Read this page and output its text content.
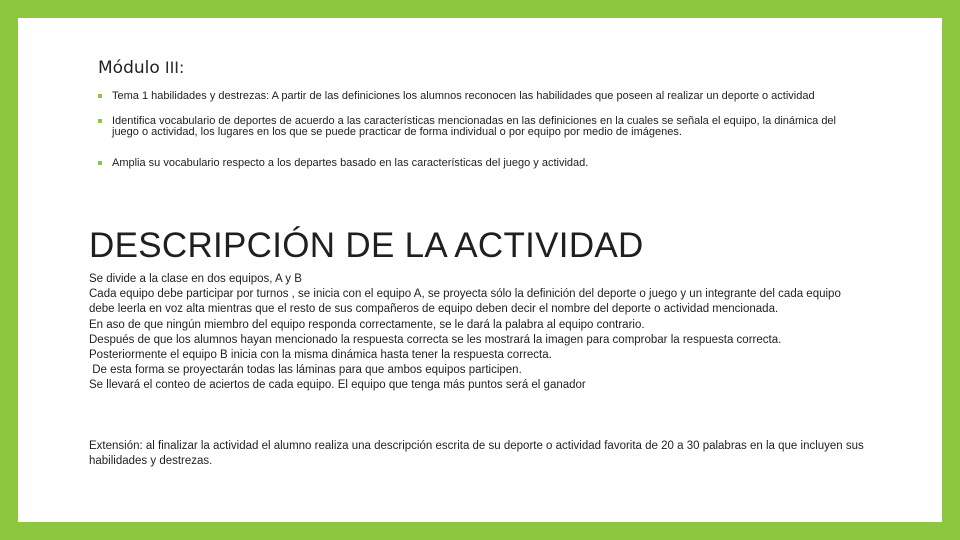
Módulo III:
Tema 1 habilidades y destrezas: A partir de las definiciones los alumnos reconocen las habilidades que poseen al realizar un deporte o actividad
Identifica vocabulario de deportes de acuerdo a las características mencionadas en las definiciones en la cuales se señala el equipo, la dinámica del juego o actividad, los lugares en los que se puede practicar de forma individual o por equipo por medio de imágenes.
Amplia su vocabulario respecto a los departes basado en las características del juego y actividad.
DESCRIPCIÓN DE LA ACTIVIDAD

Se divide a la clase en dos equipos, A y B

Cada equipo debe participar por turnos , se inicia con el equipo A, se proyecta sólo la definición del deporte o juego y un integrante del cada equipo debe leerla en voz alta mientras que el resto de sus compañeros de equipo deben decir el nombre del deporte o actividad mencionada.

En aso de que ningún miembro del equipo responda correctamente, se le dará la palabra al equipo contrario.

Después de que los alumnos hayan mencionado la respuesta correcta se les mostrará la imagen para comprobar la respuesta correcta.

Posteriormente el equipo B inicia con la misma dinámica hasta tener la respuesta correcta.

De esta forma se proyectarán todas las láminas para que ambos equipos participen.

Se llevará el conteo de aciertos de cada equipo. El equipo que tenga más puntos será el ganador

Extensión: al finalizar la actividad el alumno realiza una descripción escrita de su deporte o actividad favorita de 20 a 30 palabras en la que incluyen sus habilidades y destrezas.
